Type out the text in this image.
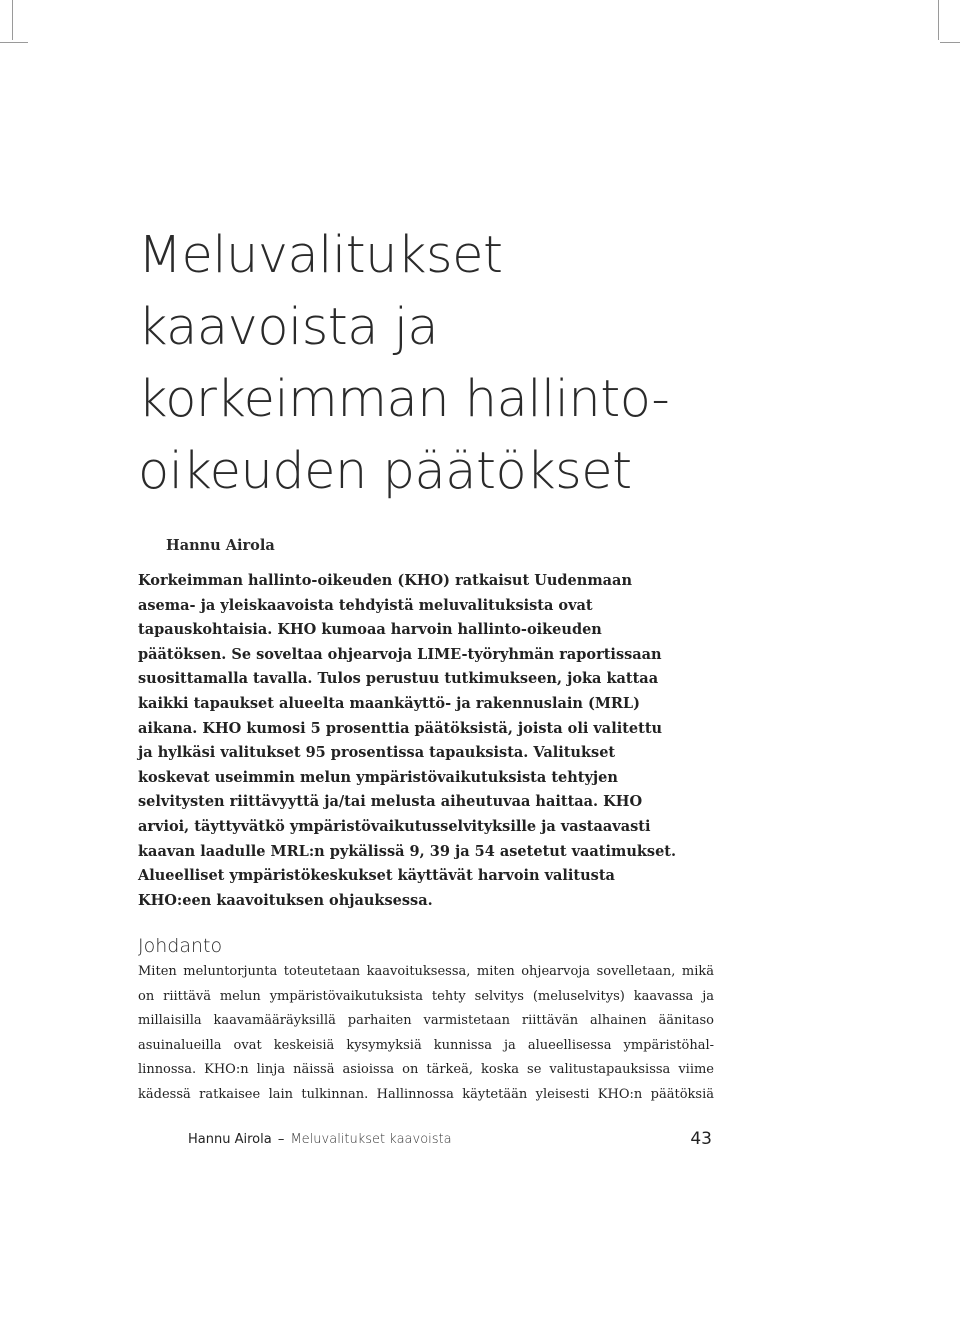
Meluvalitukset
kaavoista ja
korkeimman hallinto-
oikeuden päätökset
Hannu Airola
Korkeimman hallinto-oikeuden (KHO) ratkaisut Uudenmaan
asema- ja yleiskaavoista tehdyistä meluvalituksista ovat
tapauskohtaisia. KHO kumoaa harvoin hallinto-oikeuden
päätöksen. Se soveltaa ohjearvoja LIME-työryhmän raportissaan
suosittamalla tavalla. Tulos perustuu tutkimukseen, joka kattaa
kaikki tapaukset alueelta maankäyttö- ja rakennuslain (MRL)
aikana. KHO kumosi 5 prosenttia päätöksistä, joista oli valitettu
ja hylkäsi valitukset 95 prosentissa tapauksista. Valitukset
koskevat useimmin melun ympäristövaikutuksista tehtyjen
selvitysten riittävyyttä ja/tai melusta aiheutuvaa haittaa. KHO
arvioi, täyttyvätkö ympäristövaikutusselvityksille ja vastaavasti
kaavan laadulle MRL:n pykälissä 9, 39 ja 54 asetetut vaatimukset.
Alueelliset ympäristökeskukset käyttävät harvoin valitusta
KHO:een kaavoituksen ohjauksessa.
Johdanto
Miten meluntorjunta toteutetaan kaavoituksessa, miten ohjearvoja sovelletaan, mikä
on riittävä melun ympäristövaikutuksista tehty selvitys (meluselvitys) kaavassa ja
millaisilla kaavamääräyksillä parhaiten varmistetaan riittävän alhainen äänitaso
asuinalueilla ovat keskeisiä kysymyksiä kunnissa ja alueellisessa ympäristöhal-
linnossa. KHO:n linja näissä asioissa on tärkeä, koska se valitustapauksissa viime
kädessä ratkaisee lain tulkinnan. Hallinnossa käytetään yleisesti KHO:n päätöksiä
Hannu Airola – Meluvalitukset kaavoista	43
